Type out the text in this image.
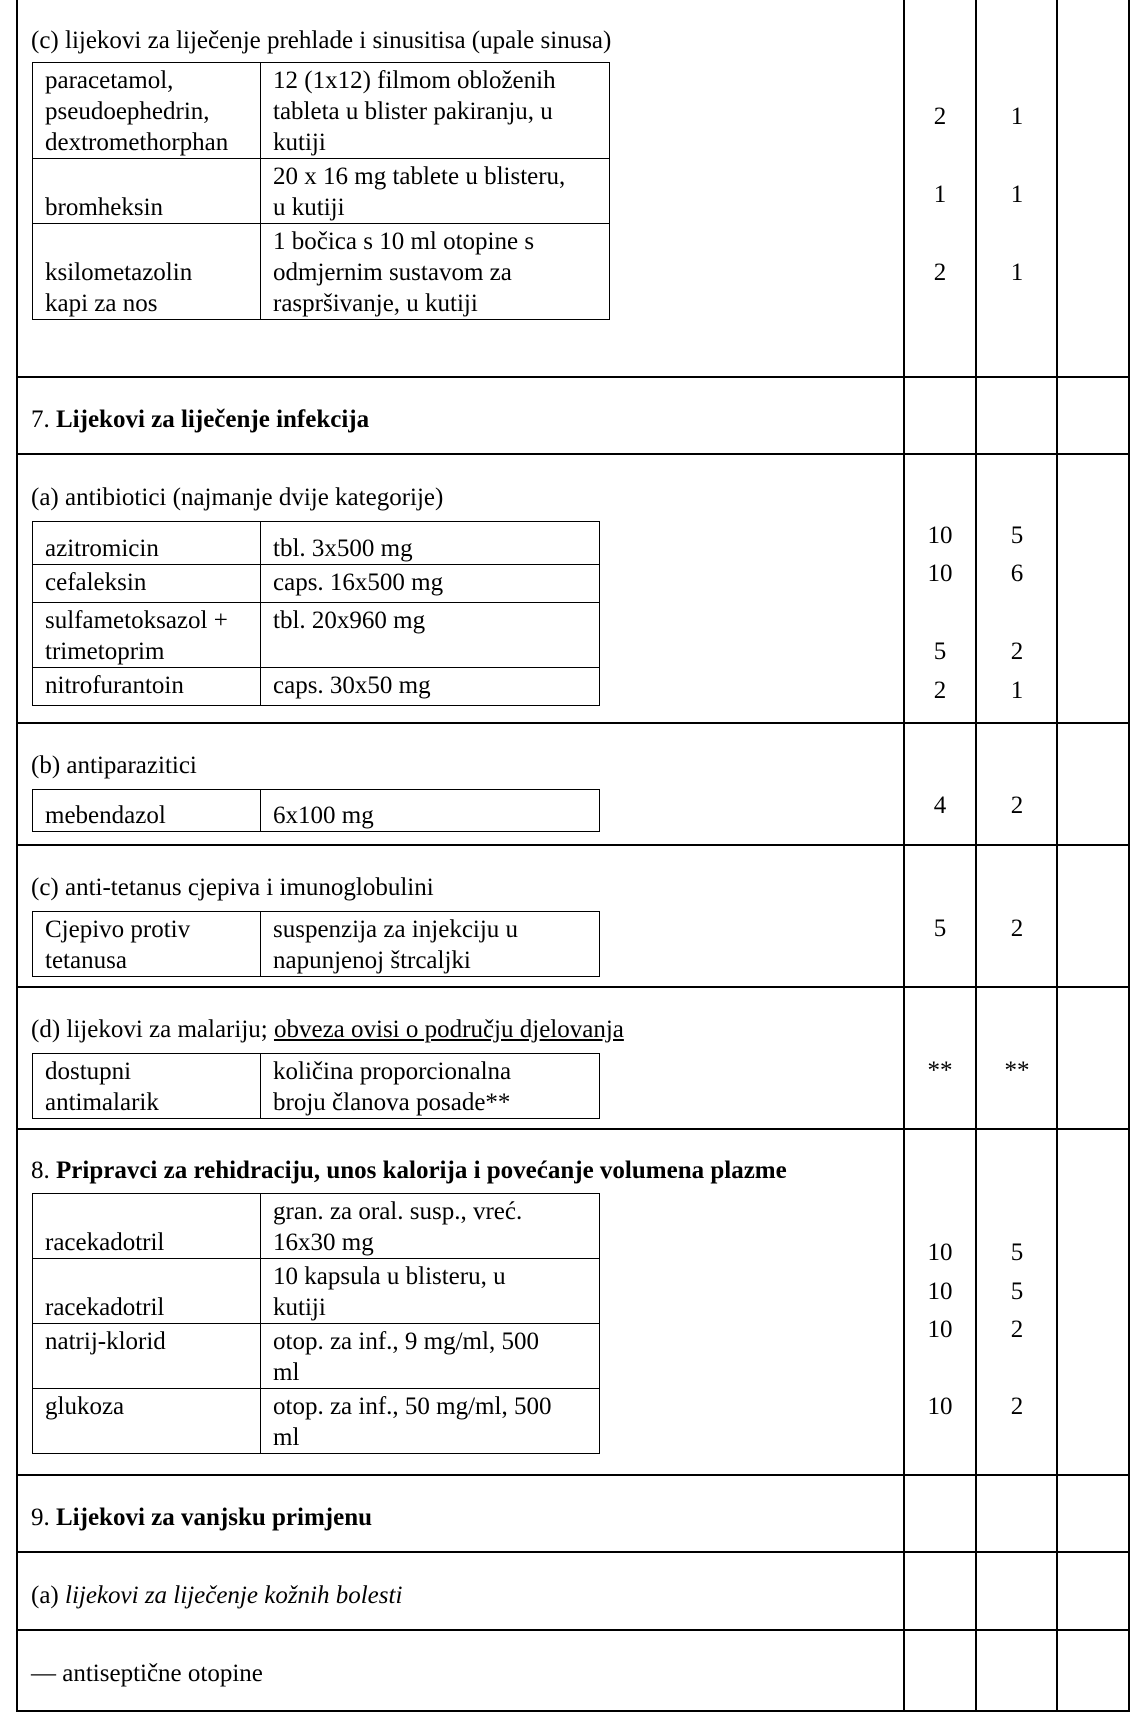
(c) lijekovi za liječenje prehlade i sinusitisa (upale sinusa)
paracetamol,
pseudoephedrin,
dextromethorphan	12 (1x12) filmom obloženih
tableta u blister pakiranju, u
kutiji
bromheksin	20 x 16 mg tablete u blisteru,
u kutiji
ksilometazolin
kapi za nos	1 bočica s 10 ml otopine s
odmjernim sustavom za
raspršivanje, u kutiji
2	1
1	1
2	1
7. Lijekovi za liječenje infekcija
(a) antibiotici (najmanje dvije kategorije)
azitromicin	tbl. 3x500 mg
cefaleksin	caps. 16x500 mg
sulfametoksazol +
trimetoprim	tbl. 20x960 mg
nitrofurantoin	caps. 30x50 mg
10	5
10	6
5	2
2	1
(b) antiparazitici
mebendazol	6x100 mg	4	2
(c) anti-tetanus cjepiva i imunoglobulini
Cjepivo protiv
tetanusa	suspenzija za injekciju u
napunjenoj štrcaljki
5	2
(d) lijekovi za malariju; obveza ovisi o području djelovanja
dostupni
antimalarik	količina proporcionalna
broju članova posade**
**	**
8. Pripravci za rehidraciju, unos kalorija i povećanje volumena plazme
racekadotril	gran. za oral. susp., vreć.
16x30 mg
racekadotril	10 kapsula u blisteru, u
kutiji
natrij-klorid	otop. za inf., 9 mg/ml, 500
ml
glukoza	otop. za inf., 50 mg/ml, 500
ml
10	5
10	5
10	2
10	2
9. Lijekovi za vanjsku primjenu
(a) lijekovi za liječenje kožnih bolesti
— antiseptične otopine
